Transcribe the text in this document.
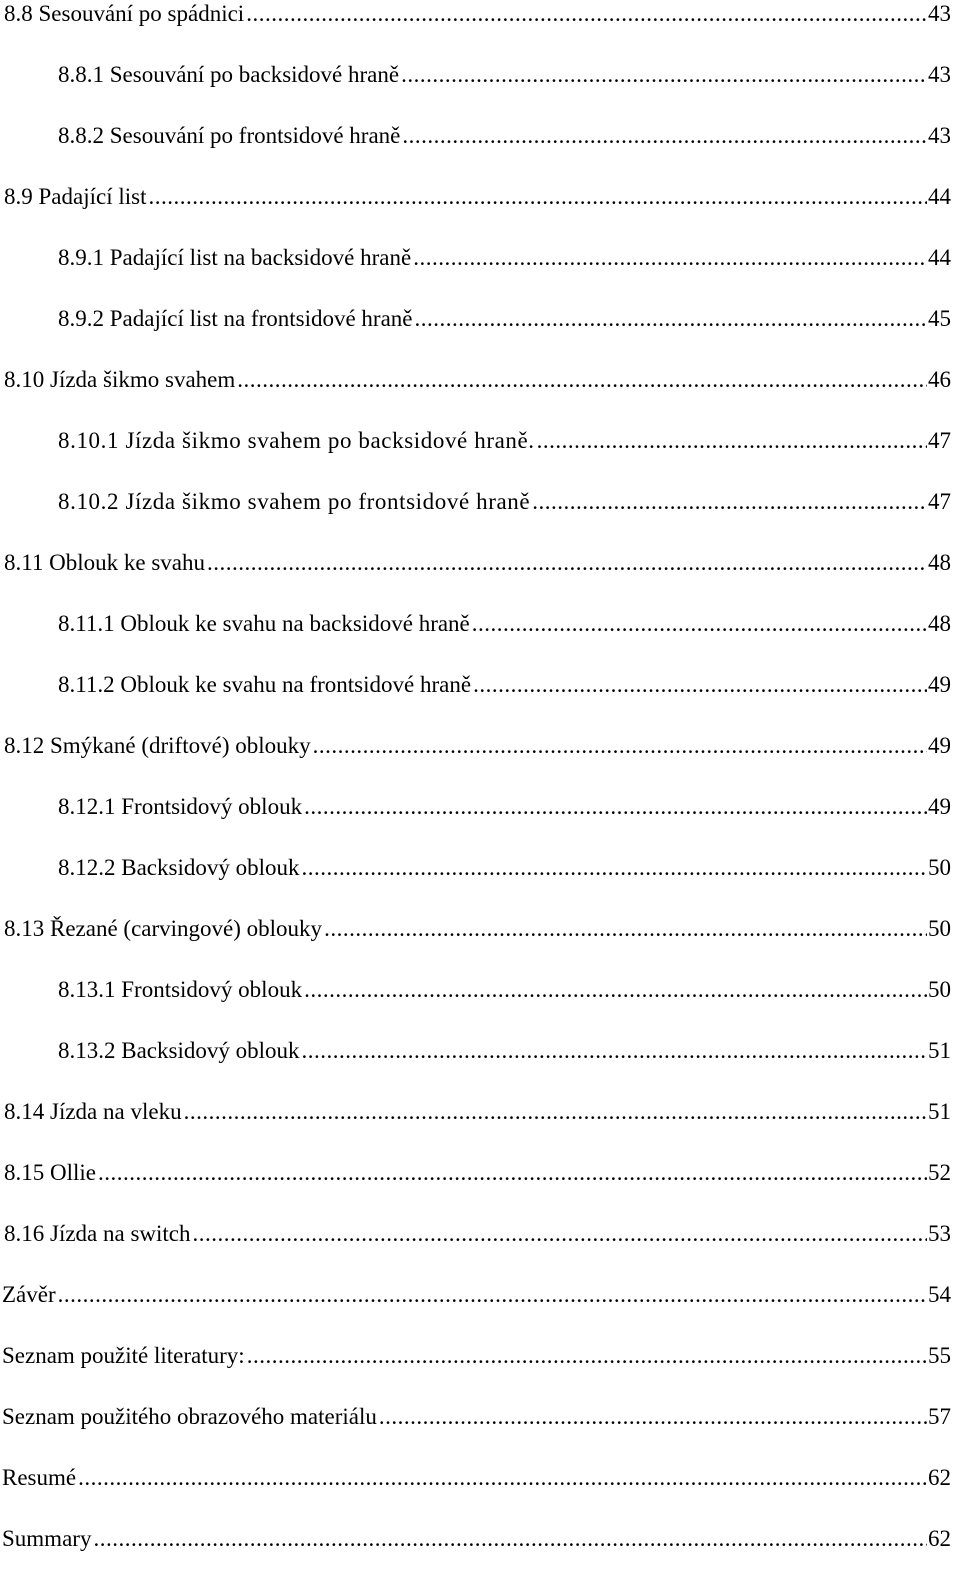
8.8 Sesouvání po spádnici .....	43
8.8.1 Sesouvání po backsidové hraně .....	43
8.8.2 Sesouvání po frontsidové hraně .....	43
8.9 Padající list .....	44
8.9.1 Padající list na backsidové hraně .....	44
8.9.2 Padající list na frontsidové hraně .....	45
8.10 Jízda šikmo svahem .....	46
8.10.1 Jízda šikmo svahem po backsidové hraně. .....	47
8.10.2 Jízda šikmo svahem po frontsidové hraně .....	47
8.11 Oblouk ke svahu .....	48
8.11.1 Oblouk ke svahu na backsidové hraně .....	48
8.11.2 Oblouk ke svahu na frontsidové hraně .....	49
8.12 Smýkané (driftové) oblouky .....	49
8.12.1 Frontsidový oblouk .....	49
8.12.2 Backsidový oblouk .....	50
8.13 Řezané (carvingové) oblouky .....	50
8.13.1 Frontsidový oblouk .....	50
8.13.2 Backsidový oblouk .....	51
8.14 Jízda na vleku .....	51
8.15 Ollie .....	52
8.16 Jízda na switch .....	53
Závěr .....	54
Seznam použité literatury: .....	55
Seznam použitého obrazového materiálu .....	57
Resumé .....	62
Summary .....	62
